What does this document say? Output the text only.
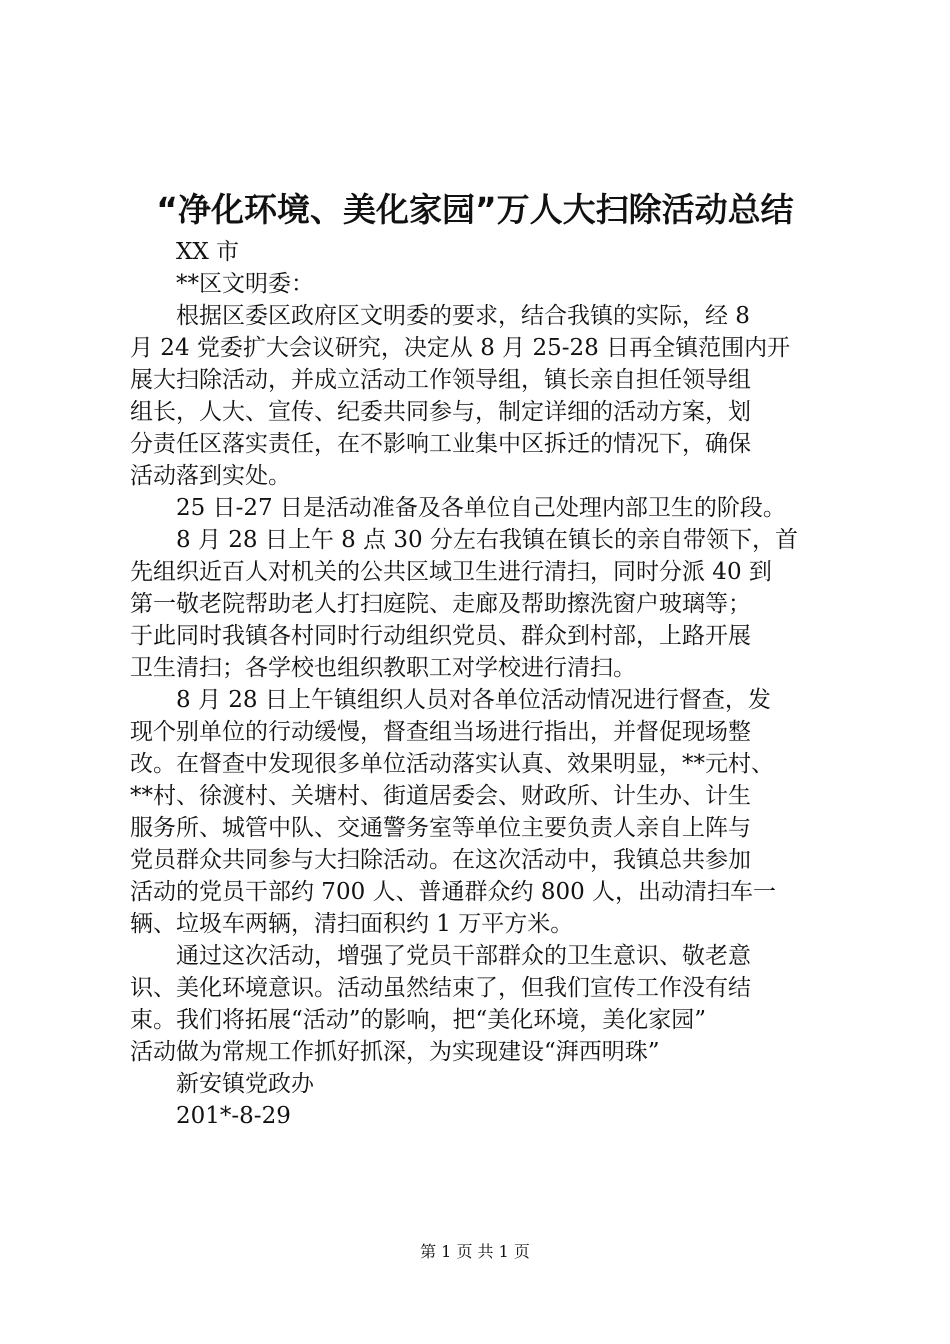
“净化环境、美化家园”万人大扫除活动总结
XX 市
**区文明委：
根据区委区政府区文明委的要求，结合我镇的实际，经 8
月 24 党委扩大会议研究，决定从 8 月 25-28 日再全镇范围内开
展大扫除活动，并成立活动工作领导组，镇长亲自担任领导组
组长，人大、宣传、纪委共同参与，制定详细的活动方案，划
分责任区落实责任，在不影响工业集中区拆迁的情况下，确保
活动落到实处。
25 日-27 日是活动准备及各单位自己处理内部卫生的阶段。
8 月 28 日上午 8 点 30 分左右我镇在镇长的亲自带领下，首
先组织近百人对机关的公共区域卫生进行清扫，同时分派 40 到
第一敬老院帮助老人打扫庭院、走廊及帮助擦洗窗户玻璃等；
于此同时我镇各村同时行动组织党员、群众到村部，上路开展
卫生清扫；各学校也组织教职工对学校进行清扫。
8 月 28 日上午镇组织人员对各单位活动情况进行督查，发
现个别单位的行动缓慢，督查组当场进行指出，并督促现场整
改。在督查中发现很多单位活动落实认真、效果明显，**元村、
**村、徐渡村、关塘村、街道居委会、财政所、计生办、计生
服务所、城管中队、交通警务室等单位主要负责人亲自上阵与
党员群众共同参与大扫除活动。在这次活动中，我镇总共参加
活动的党员干部约 700 人、普通群众约 800 人，出动清扫车一
辆、垃圾车两辆，清扫面积约 1 万平方米。
通过这次活动，增强了党员干部群众的卫生意识、敬老意
识、美化环境意识。活动虽然结束了，但我们宣传工作没有结
束。我们将拓展“活动”的影响，把“美化环境，美化家园”
活动做为常规工作抓好抓深，为实现建设“湃西明珠”
新安镇党政办
201*-8-29
第 1 页 共 1 页
